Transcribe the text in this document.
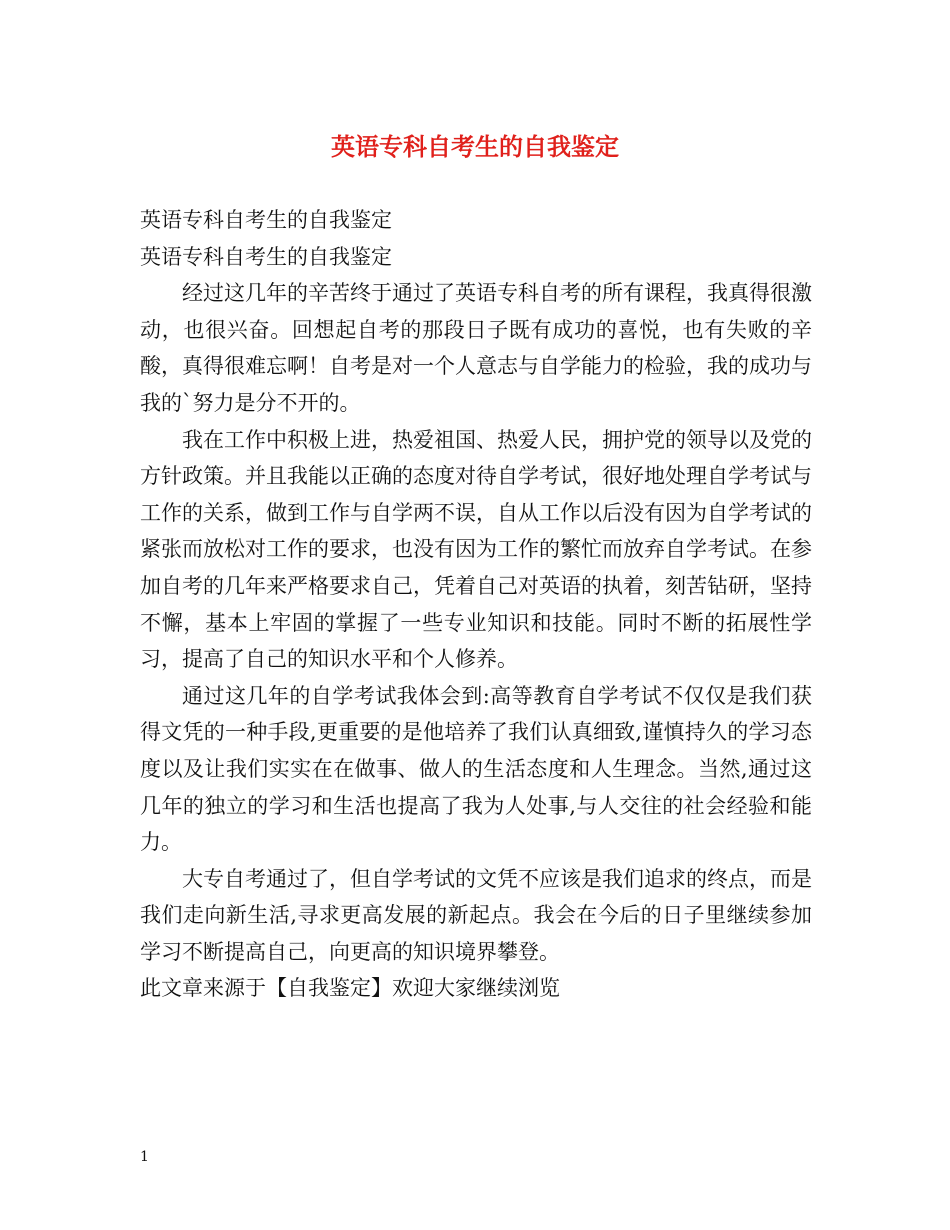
英语专科自考生的自我鉴定

英语专科自考生的自我鉴定

英语专科自考生的自我鉴定

经过这几年的辛苦终于通过了英语专科自考的所有课程，我真得很激动，也很兴奋。回想起自考的那段日子既有成功的喜悦，也有失败的辛酸，真得很难忘啊！自考是对一个人意志与自学能力的检验，我的成功与我的`努力是分不开的。

我在工作中积极上进，热爱祖国、热爱人民，拥护党的领导以及党的方针政策。并且我能以正确的态度对待自学考试，很好地处理自学考试与工作的关系，做到工作与自学两不误，自从工作以后没有因为自学考试的紧张而放松对工作的要求，也没有因为工作的繁忙而放弃自学考试。在参加自考的几年来严格要求自己，凭着自己对英语的执着，刻苦钻研，坚持不懈，基本上牢固的掌握了一些专业知识和技能。同时不断的拓展性学习，提高了自己的知识水平和个人修养。

通过这几年的自学考试我体会到:高等教育自学考试不仅仅是我们获得文凭的一种手段,更重要的是他培养了我们认真细致,谨慎持久的学习态度以及让我们实实在在做事、做人的生活态度和人生理念。当然,通过这几年的独立的学习和生活也提高了我为人处事,与人交往的社会经验和能力。

大专自考通过了，但自学考试的文凭不应该是我们追求的终点，而是我们走向新生活,寻求更高发展的新起点。我会在今后的日子里继续参加学习不断提高自己，向更高的知识境界攀登。

此文章来源于【自我鉴定】欢迎大家继续浏览

1
